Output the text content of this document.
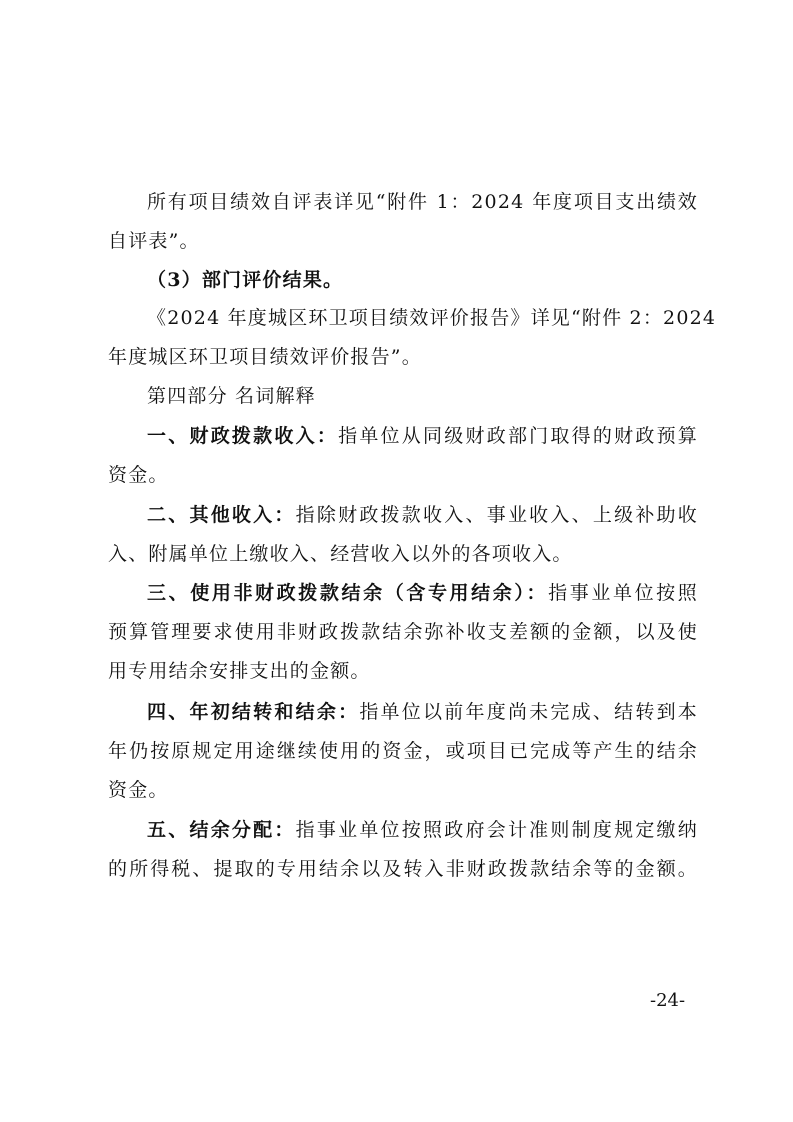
所有项目绩效自评表详见“附件 1：2024 年度项目支出绩效
自评表”。
（3）部门评价结果。
《2024 年度城区环卫项目绩效评价报告》详见“附件 2：2024
年度城区环卫项目绩效评价报告”。
第四部分 名词解释
一、财政拨款收入：指单位从同级财政部门取得的财政预算
资金。
二、其他收入：指除财政拨款收入、事业收入、上级补助收
入、附属单位上缴收入、经营收入以外的各项收入。
三、使用非财政拨款结余（含专用结余）：指事业单位按照
预算管理要求使用非财政拨款结余弥补收支差额的金额，以及使
用专用结余安排支出的金额。
四、年初结转和结余：指单位以前年度尚未完成、结转到本
年仍按原规定用途继续使用的资金，或项目已完成等产生的结余
资金。
五、结余分配：指事业单位按照政府会计准则制度规定缴纳
的所得税、提取的专用结余以及转入非财政拨款结余等的金额。
-24-
